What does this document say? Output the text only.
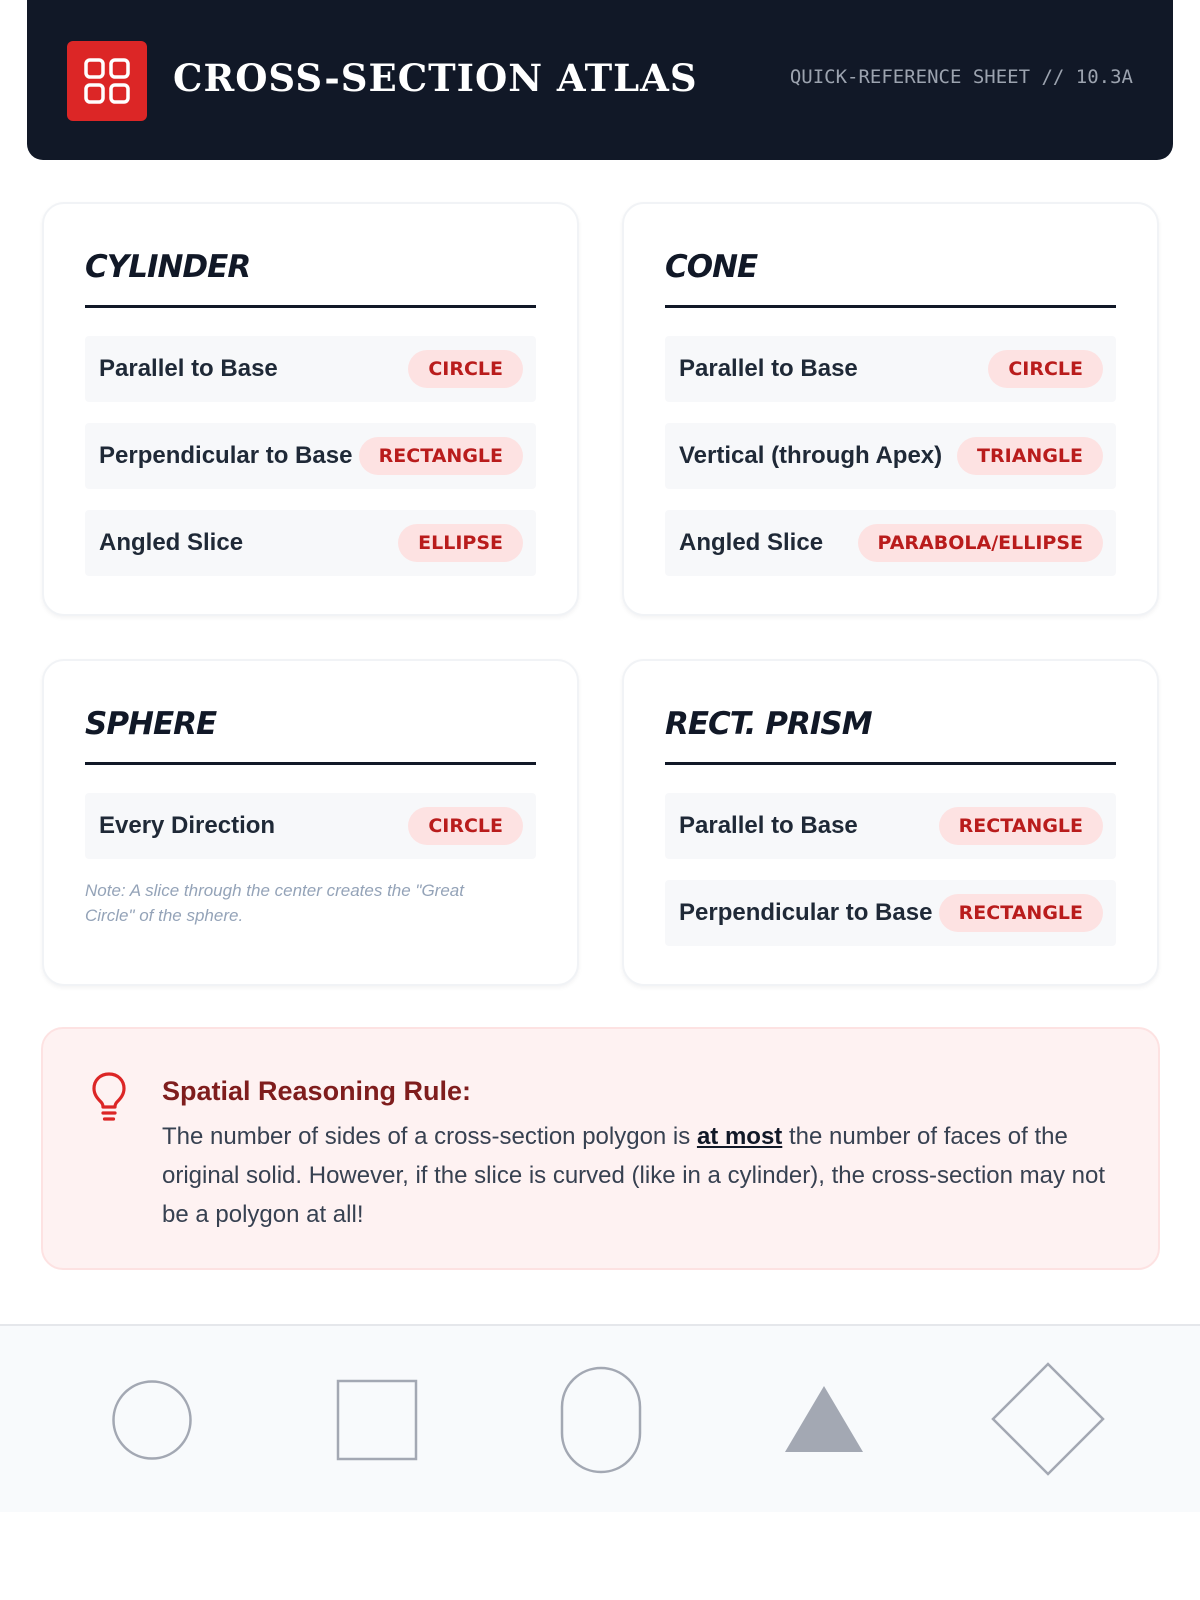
CROSS-SECTION ATLAS	QUICK-REFERENCE SHEET // 10.3A
CYLINDER
Parallel to Base	CIRCLE
Perpendicular to Base	RECTANGLE
Angled Slice	ELLIPSE
CONE
Parallel to Base	CIRCLE
Vertical (through Apex)	TRIANGLE
Angled Slice	PARABOLA/ELLIPSE
SPHERE
Every Direction	CIRCLE

Note: A slice through the center creates the "Great Circle" of the sphere.

RECT. PRISM
Parallel to Base	RECTANGLE
Perpendicular to Base	RECTANGLE
Spatial Reasoning Rule:

The number of sides of a cross-section polygon is at most the number of faces of the original solid. However, if the slice is curved (like in a cylinder), the cross-section may not be a polygon at all!
